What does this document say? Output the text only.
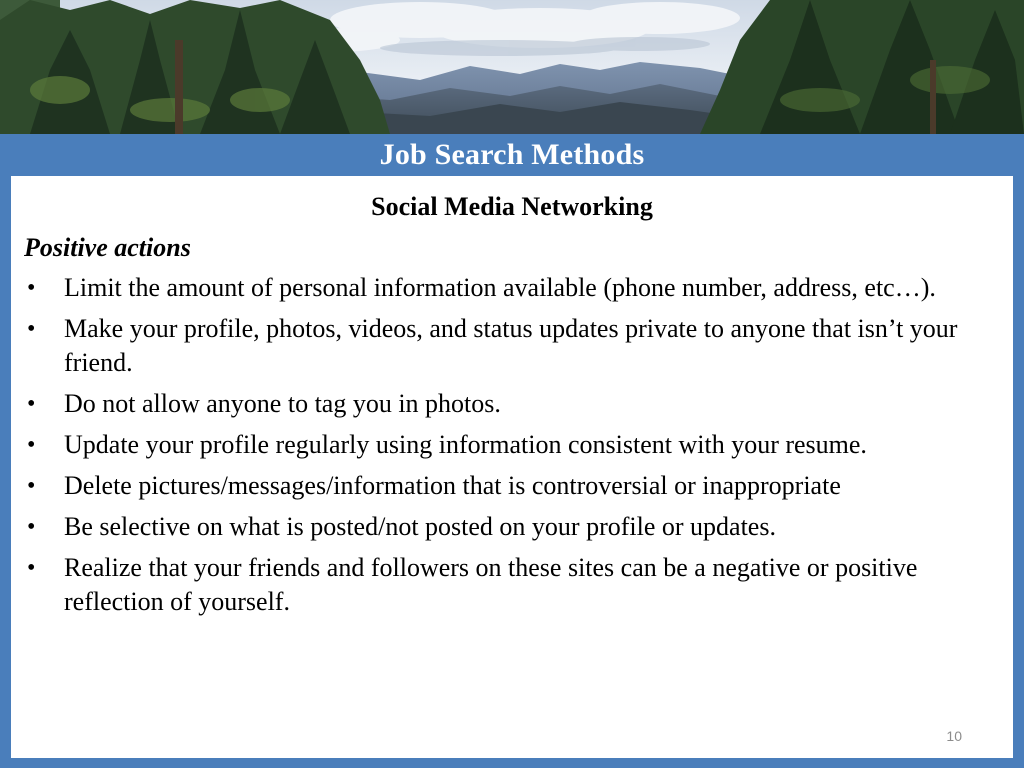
Job Search Methods

Social Media Networking

Positive actions

•	Limit the amount of personal information available (phone number, address, etc…).
•	Make your profile, photos, videos, and status updates private to anyone that isn’t your friend.
•	Do not allow anyone to tag you in photos.
•	Update your profile regularly using information consistent with your resume.
•	Delete pictures/messages/information that is controversial or inappropriate
•	Be selective on what is posted/not posted on your profile or updates.
•	Realize that your friends and followers on these sites can be a negative or positive reflection of yourself.
10
